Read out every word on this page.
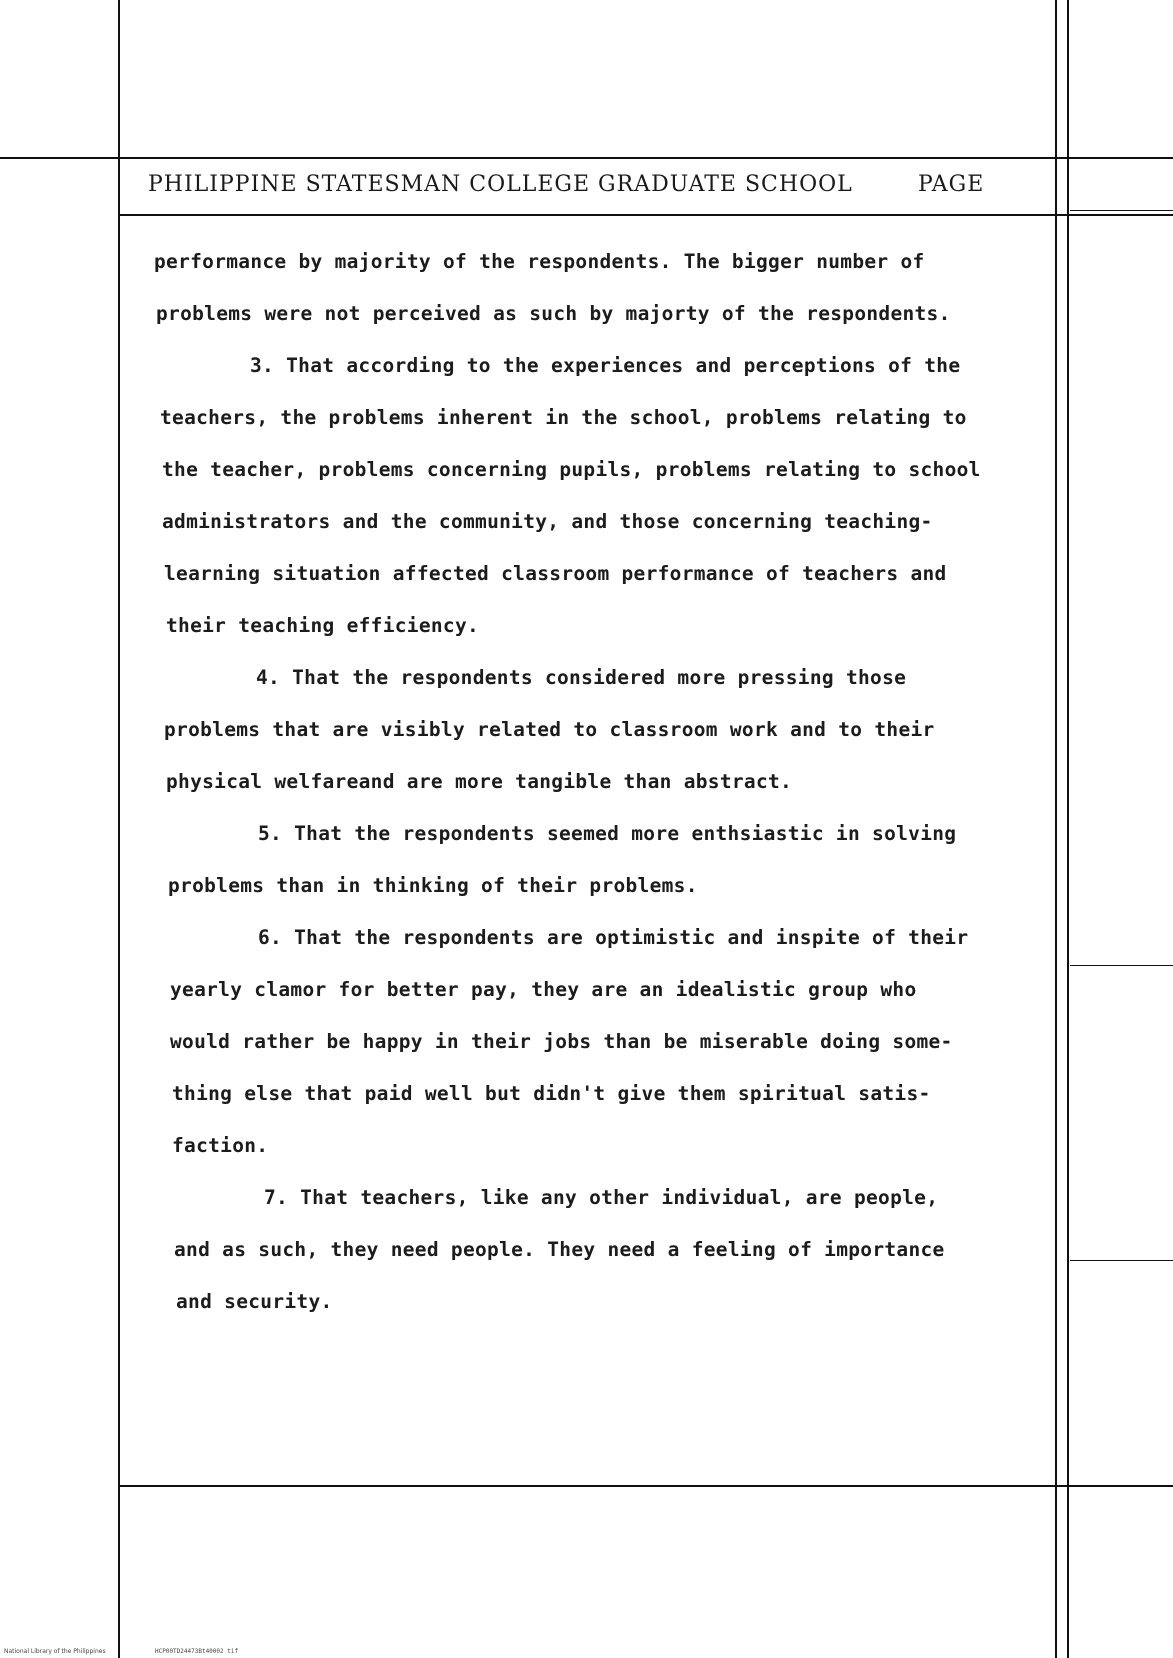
PHILIPPINE STATESMAN COLLEGE GRADUATE SCHOOL	PAGE
performance by majority of the respondents. The bigger number of
problems were not perceived as such by majorty of the respondents.
3. That according to the experiences and perceptions of the
teachers, the problems inherent in the school, problems relating to
the teacher, problems concerning pupils, problems relating to school
administrators and the community, and those concerning teaching-
learning situation affected classroom performance of teachers and
their teaching efficiency.
4. That the respondents considered more pressing those
problems that are visibly related to classroom work and to their
physical welfareand are more tangible than abstract.
5. That the respondents seemed more enthsiastic in solving
problems than in thinking of their problems.
6. That the respondents are optimistic and inspite of their
yearly clamor for better pay, they are an idealistic group who
would rather be happy in their jobs than be miserable doing some-
thing else that paid well but didn't give them spiritual satis-
faction.
7. That teachers, like any other individual, are people,
and as such, they need people. They need a feeling of importance
and security.
National Library of the Philippines	HCP00TD24473Bt40002 tif
